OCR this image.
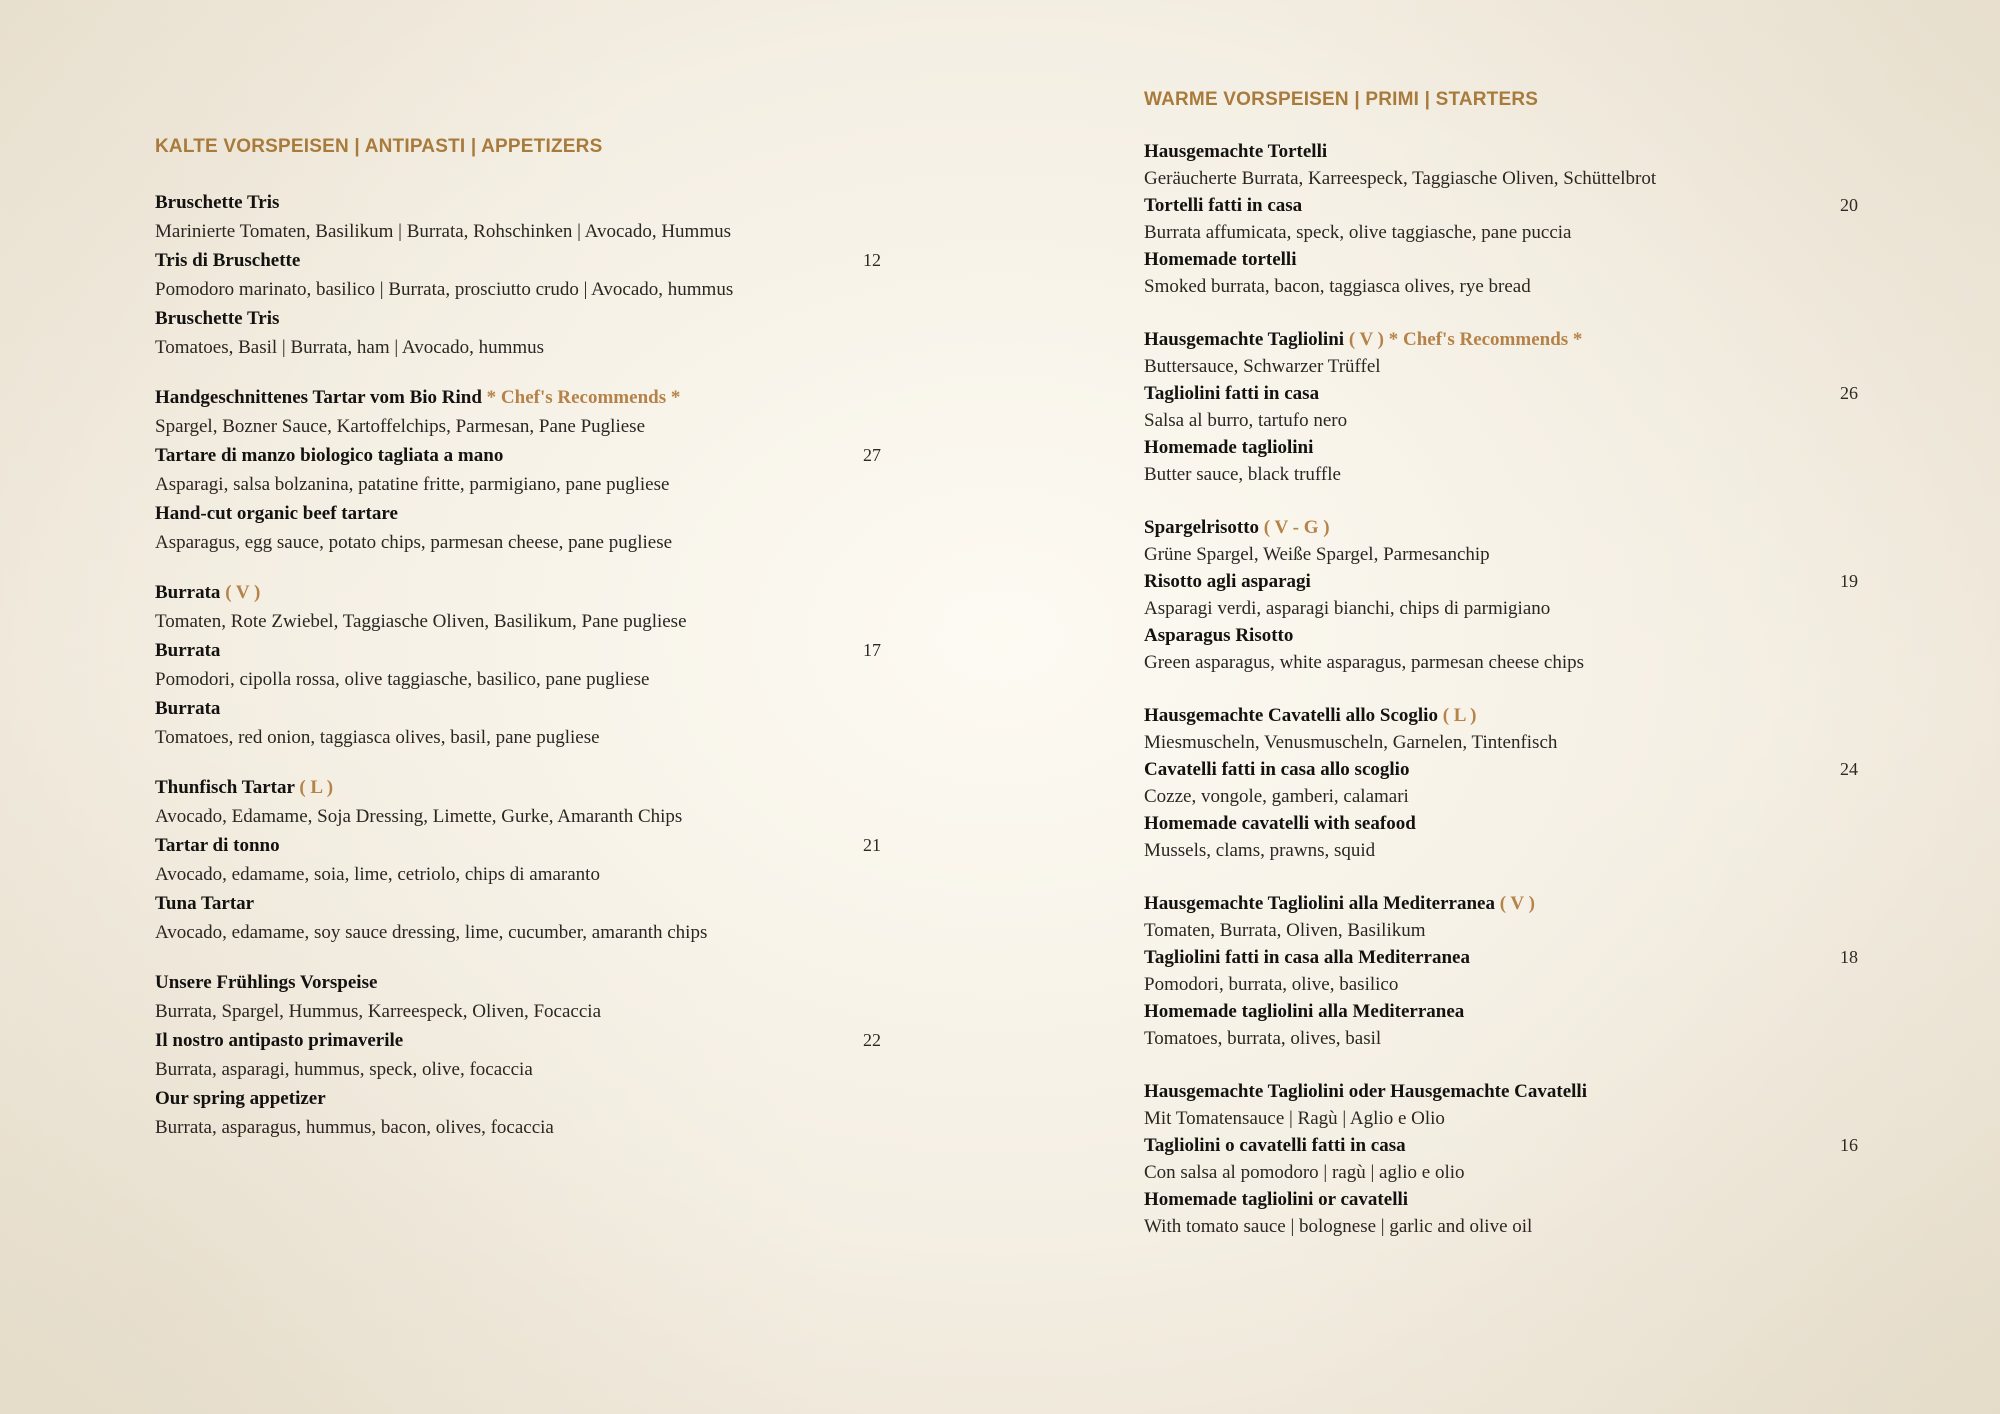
KALTE VORSPEISEN | ANTIPASTI | APPETIZERS
Bruschette Tris
Marinierte Tomaten, Basilikum | Burrata, Rohschinken | Avocado, Hummus
Tris di Bruschette
Pomodoro marinato, basilico | Burrata, prosciutto crudo | Avocado, hummus
Bruschette Tris
Tomatoes, Basil | Burrata, ham | Avocado, hummus
12
Handgeschnittenes Tartar vom Bio Rind * Chef's Recommends *
Spargel, Bozner Sauce, Kartoffelchips, Parmesan, Pane Pugliese
Tartare di manzo biologico tagliata a mano
Asparagi, salsa bolzanina, patatine fritte, parmigiano, pane pugliese
Hand-cut organic beef tartare
Asparagus, egg sauce, potato chips, parmesan cheese, pane pugliese
27
Burrata ( V )
Tomaten, Rote Zwiebel, Taggiasche Oliven, Basilikum, Pane pugliese
Burrata
Pomodori, cipolla rossa, olive taggiasche, basilico, pane pugliese
Burrata
Tomatoes, red onion, taggiasca olives, basil, pane pugliese
17
Thunfisch Tartar ( L )
Avocado, Edamame, Soja Dressing, Limette, Gurke, Amaranth Chips
Tartar di tonno
Avocado, edamame, soia, lime, cetriolo, chips di amaranto
Tuna Tartar
Avocado, edamame, soy sauce dressing, lime, cucumber, amaranth chips
21
Unsere Frühlings Vorspeise
Burrata, Spargel, Hummus, Karreespeck, Oliven, Focaccia
Il nostro antipasto primaverile
Burrata, asparagi, hummus, speck, olive, focaccia
Our spring appetizer
Burrata, asparagus, hummus, bacon, olives, focaccia
22
WARME VORSPEISEN | PRIMI | STARTERS
Hausgemachte Tortelli
Geräucherte Burrata, Karreespeck, Taggiasche Oliven, Schüttelbrot
Tortelli fatti in casa
Burrata affumicata, speck, olive taggiasche, pane puccia
Homemade tortelli
Smoked burrata, bacon, taggiasca olives, rye bread
20
Hausgemachte Tagliolini ( V ) * Chef's Recommends *
Buttersauce, Schwarzer Trüffel
Tagliolini fatti in casa
Salsa al burro, tartufo nero
Homemade tagliolini
Butter sauce, black truffle
26
Spargelrisotto ( V - G )
Grüne Spargel, Weiße Spargel, Parmesanchip
Risotto agli asparagi
Asparagi verdi, asparagi bianchi, chips di parmigiano
Asparagus Risotto
Green asparagus, white asparagus, parmesan cheese chips
19
Hausgemachte Cavatelli allo Scoglio ( L )
Miesmuscheln, Venusmuscheln, Garnelen, Tintenfisch
Cavatelli fatti in casa allo scoglio
Cozze, vongole, gamberi, calamari
Homemade cavatelli with seafood
Mussels, clams, prawns, squid
24
Hausgemachte Tagliolini alla Mediterranea ( V )
Tomaten, Burrata, Oliven, Basilikum
Tagliolini fatti in casa alla Mediterranea
Pomodori, burrata, olive, basilico
Homemade tagliolini alla Mediterranea
Tomatoes, burrata, olives, basil
18
Hausgemachte Tagliolini oder Hausgemachte Cavatelli
Mit Tomatensauce | Ragù | Aglio e Olio
Tagliolini o cavatelli fatti in casa
Con salsa al pomodoro | ragù | aglio e olio
Homemade tagliolini or cavatelli
With tomato sauce | bolognese | garlic and olive oil
16
